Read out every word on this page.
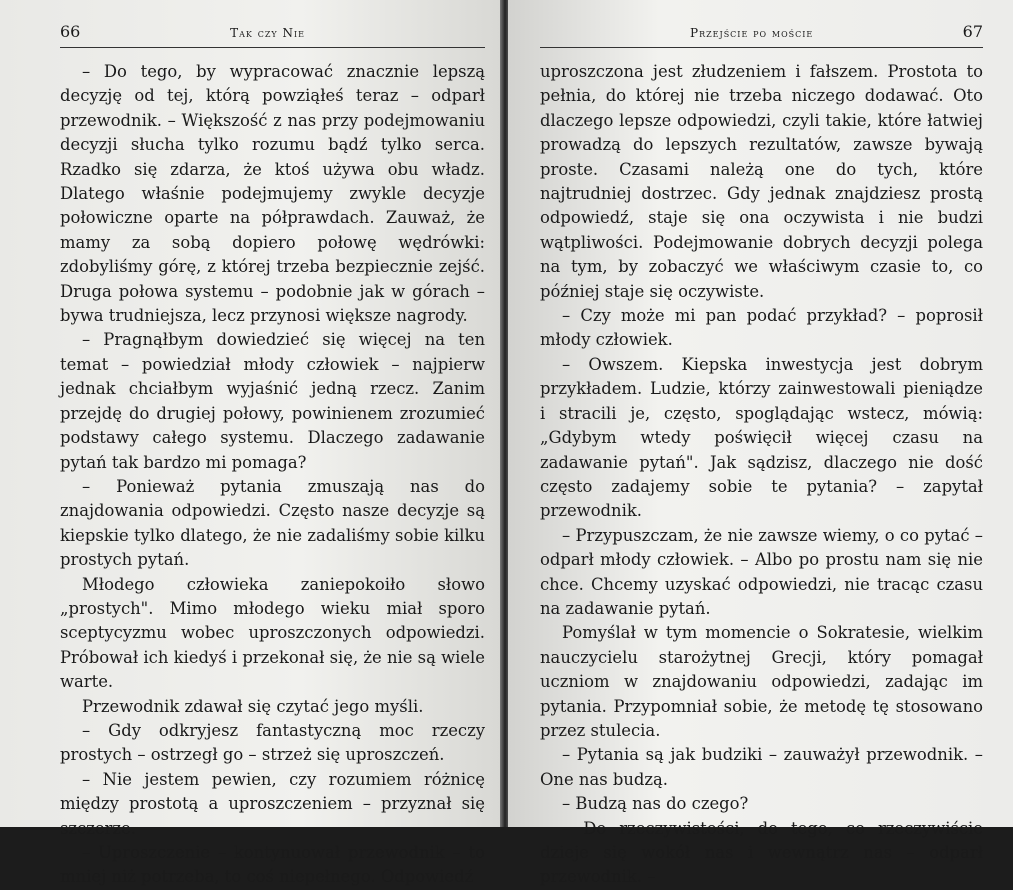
66	Tak czy Nie

– Do tego, by wypracować znacznie lepszą decyzję od tej, którą powziąłeś teraz – odparł przewodnik. – Większość z nas przy podejmowaniu decyzji słucha tylko rozumu bądź tylko serca. Rzadko się zdarza, że ktoś używa obu władz. Dlatego właśnie podejmujemy zwykle decyzje połowiczne oparte na półprawdach. Zauważ, że mamy za sobą dopiero połowę wędrówki: zdobyliśmy górę, z której trzeba bezpiecznie zejść. Druga połowa systemu – podobnie jak w górach – bywa trudniejsza, lecz przynosi większe nagrody.

– Pragnąłbym dowiedzieć się więcej na ten temat – powiedział młody człowiek – najpierw jednak chciałbym wyjaśnić jedną rzecz. Zanim przejdę do drugiej połowy, powinienem zrozumieć podstawy całego systemu. Dlaczego zadawanie pytań tak bardzo mi pomaga?

– Ponieważ pytania zmuszają nas do znajdowania odpowiedzi. Często nasze decyzje są kiepskie tylko dlatego, że nie zadaliśmy sobie kilku prostych pytań.

Młodego człowieka zaniepokoiło słowo „prostych". Mimo młodego wieku miał sporo sceptycyzmu wobec uproszczonych odpowiedzi. Próbował ich kiedyś i przekonał się, że nie są wiele warte.

Przewodnik zdawał się czytać jego myśli.

– Gdy odkryjesz fantastyczną moc rzeczy prostych – ostrzegł go – strzeż się uproszczeń.

– Nie jestem pewien, czy rozumiem różnicę między prostotą a uproszczeniem – przyznał się szczerze.

– Uproszczenie – kontynuował przewodnik – to mniej niż potrzeba, to coś niepełnego. Odpowiedź

Przejście po moście	67

uproszczona jest złudzeniem i fałszem. Prostota to pełnia, do której nie trzeba niczego dodawać. Oto dlaczego lepsze odpowiedzi, czyli takie, które łatwiej prowadzą do lepszych rezultatów, zawsze bywają proste. Czasami należą one do tych, które najtrudniej dostrzec. Gdy jednak znajdziesz prostą odpowiedź, staje się ona oczywista i nie budzi wątpliwości. Podejmowanie dobrych decyzji polega na tym, by zobaczyć we właściwym czasie to, co później staje się oczywiste.

– Czy może mi pan podać przykład? – poprosił młody człowiek.

– Owszem. Kiepska inwestycja jest dobrym przykładem. Ludzie, którzy zainwestowali pieniądze i stracili je, często, spoglądając wstecz, mówią: „Gdybym wtedy poświęcił więcej czasu na zadawanie pytań". Jak sądzisz, dlaczego nie dość często zadajemy sobie te pytania? – zapytał przewodnik.

– Przypuszczam, że nie zawsze wiemy, o co pytać – odparł młody człowiek. – Albo po prostu nam się nie chce. Chcemy uzyskać odpowiedzi, nie tracąc czasu na zadawanie pytań.

Pomyślał w tym momencie o Sokratesie, wielkim nauczycielu starożytnej Grecji, który pomagał uczniom w znajdowaniu odpowiedzi, zadając im pytania. Przypomniał sobie, że metodę tę stosowano przez stulecia.

– Pytania są jak budziki – zauważył przewodnik. – One nas budzą.

– Budzą nas do czego?

– Do rzeczywistości, do tego, co rzeczywiście dzieje się wokół nas i wewnątrz nas – odparł przewodnik. –
